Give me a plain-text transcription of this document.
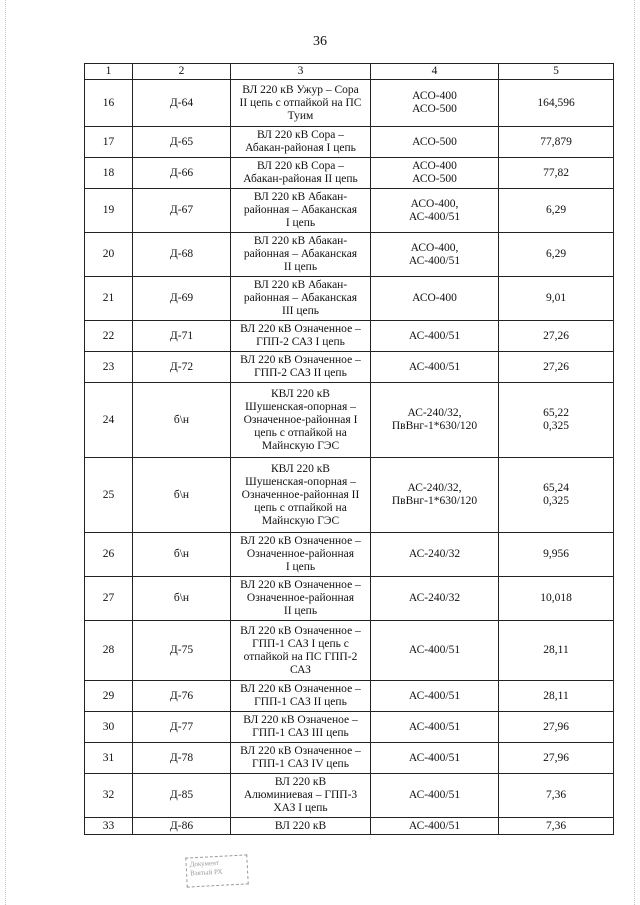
36
1	2	3	4	5
16	Д-64	ВЛ 220 кВ Ужур – Сора
II цепь с отпайкой на ПС
Туим	АСО-400
АСО-500	164,596
17	Д-65	ВЛ 220 кВ Сора –
Абакан-районая I цепь	АСО-500	77,879
18	Д-66	ВЛ 220 кВ Сора –
Абакан-районая II цепь	АСО-400
АСО-500	77,82
19	Д-67	ВЛ 220 кВ Абакан-
районная – Абаканская
I цепь	АСО-400,
АС-400/51	6,29
20	Д-68	ВЛ 220 кВ Абакан-
районная – Абаканская
II цепь	АСО-400,
АС-400/51	6,29
21	Д-69	ВЛ 220 кВ Абакан-
районная – Абаканская
III цепь	АСО-400	9,01
22	Д-71	ВЛ 220 кВ Означенное –
ГПП-2 САЗ I цепь	АС-400/51	27,26
23	Д-72	ВЛ 220 кВ Означенное –
ГПП-2 САЗ II цепь	АС-400/51	27,26
24	б\н	КВЛ 220 кВ
Шушенская-опорная –
Означенное-районная I
цепь с отпайкой на
Майнскую ГЭС	АС-240/32,
ПвВнг-1*630/120	65,22
0,325
25	б\н	КВЛ 220 кВ
Шушенская-опорная –
Означенное-районная II
цепь с отпайкой на
Майнскую ГЭС	АС-240/32,
ПвВнг-1*630/120	65,24
0,325
26	б\н	ВЛ 220 кВ Означенное –
Означенное-районная
I цепь	АС-240/32	9,956
27	б\н	ВЛ 220 кВ Означенное –
Означенное-районная
II цепь	АС-240/32	10,018
28	Д-75	ВЛ 220 кВ Означенное –
ГПП-1 САЗ I цепь с
отпайкой на ПС ГПП-2
САЗ	АС-400/51	28,11
29	Д-76	ВЛ 220 кВ Означенное –
ГПП-1 САЗ II цепь	АС-400/51	28,11
30	Д-77	ВЛ 220 кВ Означеное –
ГПП-1 САЗ III цепь	АС-400/51	27,96
31	Д-78	ВЛ 220 кВ Означенное –
ГПП-1 САЗ IV цепь	АС-400/51	27,96
32	Д-85	ВЛ 220 кВ
Алюминиевая – ГПП-3
ХАЗ I цепь	АС-400/51	7,36
33	Д-86	ВЛ 220 кВ	АС-400/51	7,36
Документ
Взятый РХ
